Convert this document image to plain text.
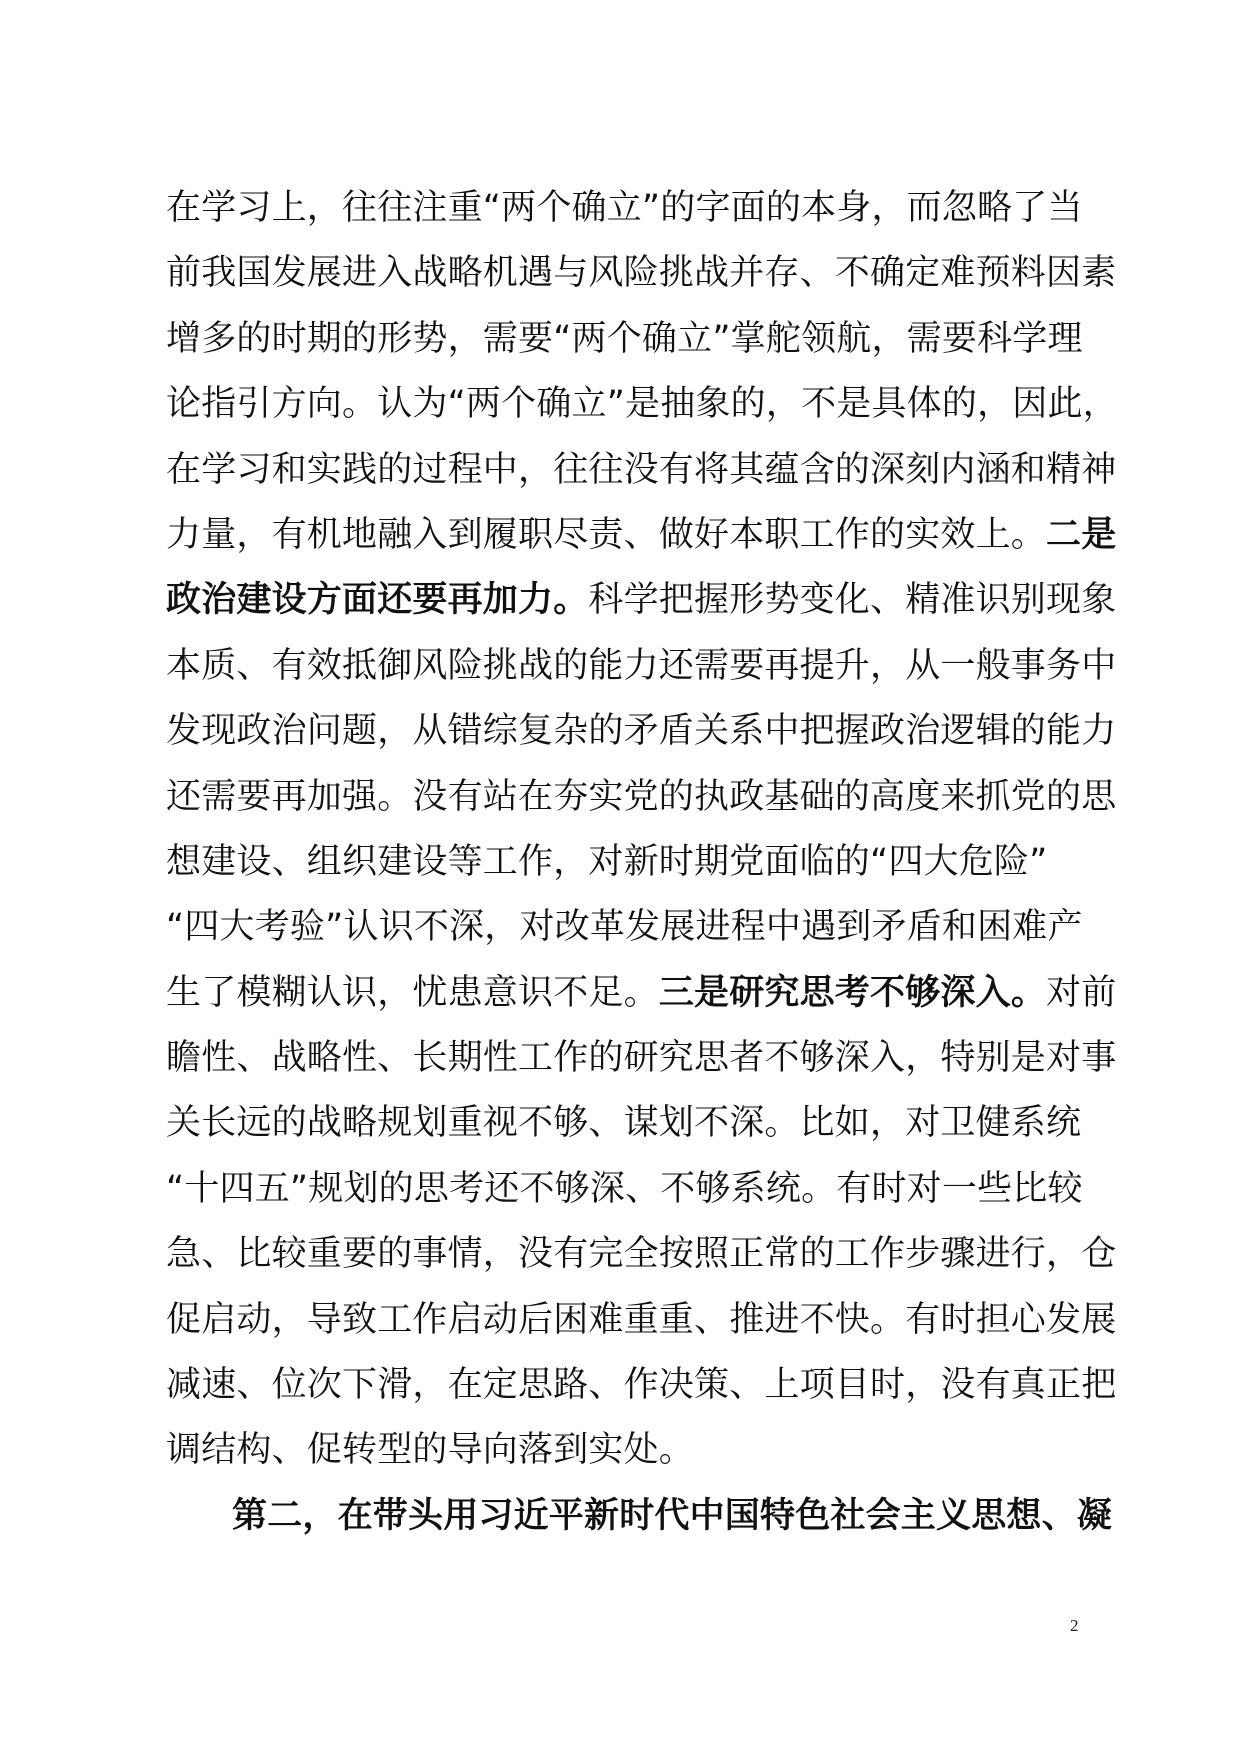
在学习上，往往注重“两个确立”的字面的本身，而忽略了当
前我国发展进入战略机遇与风险挑战并存、不确定难预料因素
增多的时期的形势，需要“两个确立”掌舵领航，需要科学理
论指引方向。认为“两个确立”是抽象的，不是具体的，因此，
在学习和实践的过程中，往往没有将其蕴含的深刻内涵和精神
力量，有机地融入到履职尽责、做好本职工作的实效上。二是
政治建设方面还要再加力。科学把握形势变化、精准识别现象
本质、有效抵御风险挑战的能力还需要再提升，从一般事务中
发现政治问题，从错综复杂的矛盾关系中把握政治逻辑的能力
还需要再加强。没有站在夯实党的执政基础的高度来抓党的思
想建设、组织建设等工作，对新时期党面临的“四大危险”
“四大考验”认识不深，对改革发展进程中遇到矛盾和困难产
生了模糊认识，忧患意识不足。三是研究思考不够深入。对前
瞻性、战略性、长期性工作的研究思者不够深入，特别是对事
关长远的战略规划重视不够、谋划不深。比如，对卫健系统
“十四五”规划的思考还不够深、不够系统。有时对一些比较
急、比较重要的事情，没有完全按照正常的工作步骤进行，仓
促启动，导致工作启动后困难重重、推进不快。有时担心发展
减速、位次下滑，在定思路、作决策、上项目时，没有真正把
调结构、促转型的导向落到实处。
第二，在带头用习近平新时代中国特色社会主义思想、凝
2
